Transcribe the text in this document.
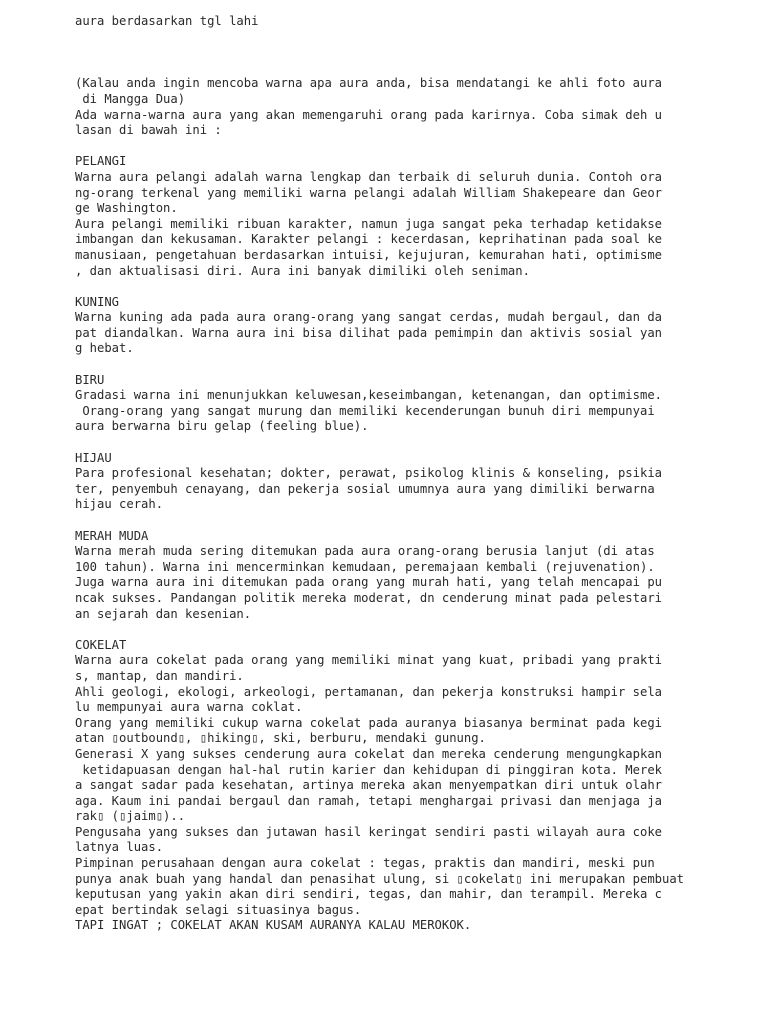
aura berdasarkan tgl lahi
(Kalau anda ingin mencoba warna apa aura anda, bisa mendatangi ke ahli foto aura
di Mangga Dua)
Ada warna-warna aura yang akan memengaruhi orang pada karirnya. Coba simak deh u
lasan di bawah ini :
PELANGI
Warna aura pelangi adalah warna lengkap dan terbaik di seluruh dunia. Contoh ora
ng-orang terkenal yang memiliki warna pelangi adalah William Shakepeare dan Geor
ge Washington.
Aura pelangi memiliki ribuan karakter, namun juga sangat peka terhadap ketidakse
imbangan dan kekusaman. Karakter pelangi : kecerdasan, keprihatinan pada soal ke
manusiaan, pengetahuan berdasarkan intuisi, kejujuran, kemurahan hati, optimisme
, dan aktualisasi diri. Aura ini banyak dimiliki oleh seniman.
KUNING
Warna kuning ada pada aura orang-orang yang sangat cerdas, mudah bergaul, dan da
pat diandalkan. Warna aura ini bisa dilihat pada pemimpin dan aktivis sosial yan
g hebat.
BIRU
Gradasi warna ini menunjukkan keluwesan,keseimbangan, ketenangan, dan optimisme.
Orang-orang yang sangat murung dan memiliki kecenderungan bunuh diri mempunyai
aura berwarna biru gelap (feeling blue).
HIJAU
Para profesional kesehatan; dokter, perawat, psikolog klinis & konseling, psikia
ter, penyembuh cenayang, dan pekerja sosial umumnya aura yang dimiliki berwarna
hijau cerah.
MERAH MUDA
Warna merah muda sering ditemukan pada aura orang-orang berusia lanjut (di atas
100 tahun). Warna ini mencerminkan kemudaan, peremajaan kembali (rejuvenation).
Juga warna aura ini ditemukan pada orang yang murah hati, yang telah mencapai pu
ncak sukses. Pandangan politik mereka moderat, dn cenderung minat pada pelestari
an sejarah dan kesenian.
COKELAT
Warna aura cokelat pada orang yang memiliki minat yang kuat, pribadi yang prakti
s, mantap, dan mandiri.
Ahli geologi, ekologi, arkeologi, pertamanan, dan pekerja konstruksi hampir sela
lu mempunyai aura warna coklat.
Orang yang memiliki cukup warna cokelat pada auranya biasanya berminat pada kegi
atan ▯outbound▯, ▯hiking▯, ski, berburu, mendaki gunung.
Generasi X yang sukses cenderung aura cokelat dan mereka cenderung mengungkapkan
ketidapuasan dengan hal-hal rutin karier dan kehidupan di pinggiran kota. Merek
a sangat sadar pada kesehatan, artinya mereka akan menyempatkan diri untuk olahr
aga. Kaum ini pandai bergaul dan ramah, tetapi menghargai privasi dan menjaga ja
rak▯ (▯jaim▯)..
Pengusaha yang sukses dan jutawan hasil keringat sendiri pasti wilayah aura coke
latnya luas.
Pimpinan perusahaan dengan aura cokelat : tegas, praktis dan mandiri, meski pun
punya anak buah yang handal dan penasihat ulung, si ▯cokelat▯ ini merupakan pembuat
keputusan yang yakin akan diri sendiri, tegas, dan mahir, dan terampil. Mereka c
epat bertindak selagi situasinya bagus.
TAPI INGAT ; COKELAT AKAN KUSAM AURANYA KALAU MEROKOK.
